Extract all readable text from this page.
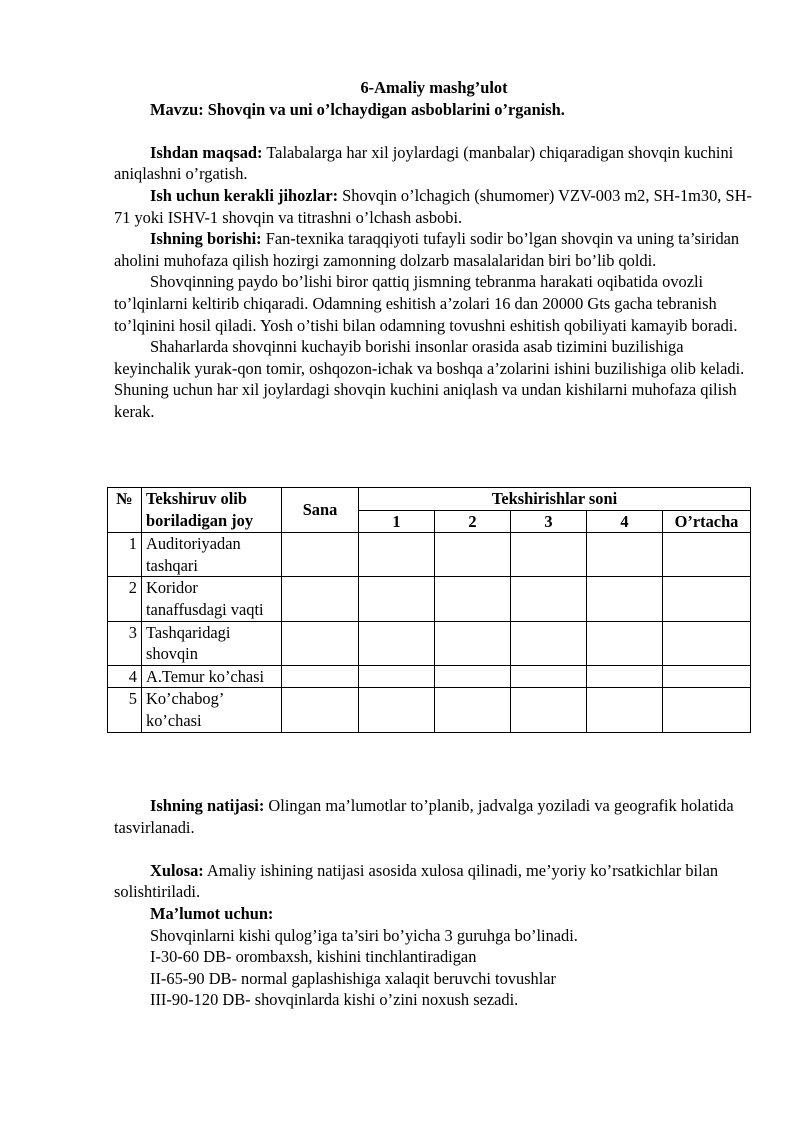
6-Amaliy mashg’ulot

Mavzu: Shovqin va uni o’lchaydigan asboblarini o’rganish.

Ishdan maqsad: Talabalarga har xil joylardagi (manbalar) chiqaradigan shovqin kuchini aniqlashni o’rgatish.

Ish uchun kerakli jihozlar: Shovqin o’lchagich (shumomer) VZV-003 m2, SH-1m30, SH-71 yoki ISHV-1 shovqin va titrashni o’lchash asbobi.

Ishning borishi: Fan-texnika taraqqiyoti tufayli sodir bo’lgan shovqin va uning ta’siridan aholini muhofaza qilish hozirgi zamonning dolzarb masalalaridan biri bo’lib qoldi.

Shovqinning paydo bo’lishi biror qattiq jismning tebranma harakati oqibatida ovozli to’lqinlarni keltirib chiqaradi. Odamning eshitish a’zolari 16 dan 20000 Gts gacha tebranish to’lqinini hosil qiladi. Yosh o’tishi bilan odamning tovushni eshitish qobiliyati kamayib boradi.

Shaharlarda shovqinni kuchayib borishi insonlar orasida asab tizimini buzilishiga keyinchalik yurak-qon tomir, oshqozon-ichak va boshqa a’zolarini ishini buzilishiga olib keladi. Shuning uchun har xil joylardagi shovqin kuchini aniqlash va undan kishilarni muhofaza qilish kerak.

№	Tekshiruv olib boriladigan joy	Sana	Tekshirishlar soni				
			1	2	3	4	O’rtacha
1	Auditoriyadan tashqari						
2	Koridor tanaffusdagi vaqti						
3	Tashqaridagi shovqin						
4	A.Temur ko’chasi						
5	Ko’chabog’ ko’chasi						

Ishning natijasi: Olingan ma’lumotlar to’planib, jadvalga yoziladi va geografik holatida tasvirlanadi.

Xulosa: Amaliy ishining natijasi asosida xulosa qilinadi, me’yoriy ko’rsatkichlar bilan solishtiriladi.

Ma’lumot uchun:

Shovqinlarni kishi qulog’iga ta’siri bo’yicha 3 guruhga bo’linadi.

I-30-60 DB- orombaxsh, kishini tinchlantiradigan

II-65-90 DB- normal gaplashishiga xalaqit beruvchi tovushlar

III-90-120 DB- shovqinlarda kishi o’zini noxush sezadi.
